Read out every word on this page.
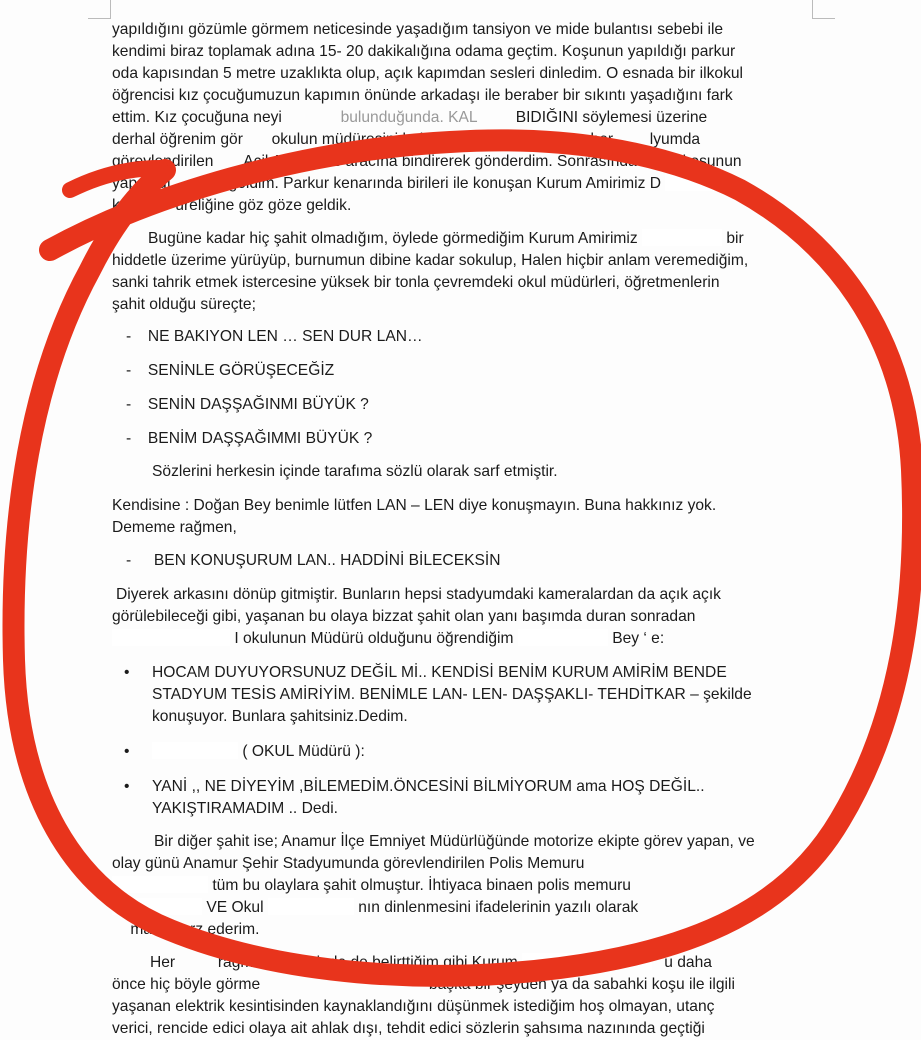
yapıldığını gözümle görmem neticesinde yaşadığım tansiyon ve mide bulantısı sebebi ile
kendimi biraz toplamak adına 15- 20 dakikalığına odama geçtim. Koşunun yapıldığı parkur
oda kapısından 5 metre uzaklıkta olup, açık kapımdan sesleri dinledim. O esnada bir ilkokul
öğrencisi kız çocuğumuzun kapımın önünde arkadaşı ile beraber bir sıkıntı yaşadığını fark
ettim. Kız çocuğuna neyi	bulunduğunda. KAL BIDIĞINI söylemesi üzerine
derhal öğrenim gör okulun müdüresini bularak olayı anlattım, beraber lyumda
görevlendirilen Acil Ambulans aracına bindirerek gönderdim. Sonrasında tek koşunun
yapıldığı ara geldim. Parkur kenarında birileri ile konuşan Kurum Amirimiz D	ile
kısa üreliğine göz göze geldik.
Bugüne kadar hiç şahit olmadığım, öylede görmediğim Kurum Amirimiz	bir
hiddetle üzerime yürüyüp, burnumun dibine kadar sokulup, Halen hiçbir anlam veremediğim,
sanki tahrik etmek istercesine yüksek bir tonla çevremdeki okul müdürleri, öğretmenlerin
şahit olduğu süreçte;
- NE BAKIYON LEN … SEN DUR LAN…
- SENİNLE GÖRÜŞECEĞİZ
- SENİN DAŞŞAĞINMI BÜYÜK ?
- BENİM DAŞŞAĞIMMI BÜYÜK ?
Sözlerini herkesin içinde tarafıma sözlü olarak sarf etmiştir.
Kendisine : Doğan Bey benimle lütfen LAN – LEN diye konuşmayın. Buna hakkınız yok.
Dememe rağmen,
- BEN KONUŞURUM LAN.. HADDİNİ BİLECEKSİN
Diyerek arkasını dönüp gitmiştir. Bunların hepsi stadyumdaki kameralardan da açık açık
görülebileceği gibi, yaşanan bu olaya bizzat şahit olan yanı başımda duran sonradan
I okulunun Müdürü olduğunu öğrendiğim	Bey ‘ e:
• HOCAM DUYUYORSUNUZ DEĞİL Mİ.. KENDİSİ BENİM KURUM AMİRİM BENDE
STADYUM TESİS AMİRİYİM. BENİMLE LAN- LEN- DAŞŞAKLI- TEHDİTKAR – şekilde
konuşuyor. Bunlara şahitsiniz.Dedim.
•	( OKUL Müdürü ):
• YANİ ,, NE DİYEYİM ,BİLEMEDİM.ÖNCESİNİ BİLMİYORUM ama HOŞ DEĞİL..
YAKIŞTIRAMADIM .. Dedi.
Bir diğer şahit ise; Anamur İlçe Emniyet Müdürlüğünde motorize ekipte görev yapan, ve
olay günü Anamur Şehir Stadyumunda görevlendirilen Polis Memuru
tüm bu olaylara şahit olmuştur. İhtiyaca binaen polis memuru
VE Okul	nın dinlenmesini ifadelerinin yazılı olarak
masını arz ederim.
Her	rağmen öncesinde de belirttiğim gibi Kurum	‘ u daha
önce hiç böyle görme	başka bir şeyden ya da sabahki koşu ile ilgili
yaşanan elektrik kesintisinden kaynaklandığını düşünmek istediğim hoş olmayan, utanç
verici, rencide edici olaya ait ahlak dışı, tehdit edici sözlerin şahsıma nazınında geçtiği
